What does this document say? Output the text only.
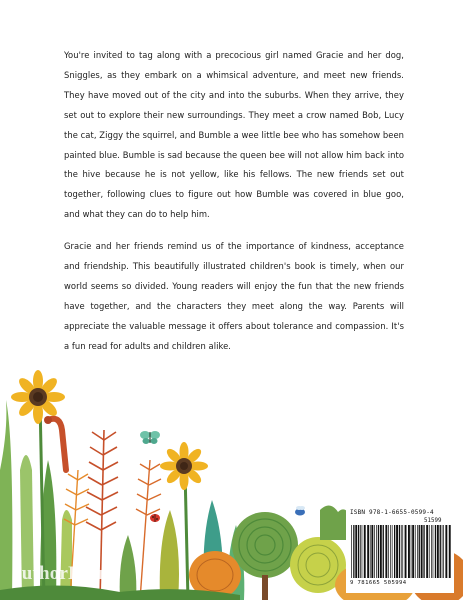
You're invited to tag along with a precocious girl named Gracie and her dog, Sniggles, as they embark on a whimsical adventure, and meet new friends. They have moved out of the city and into the suburbs. When they arrive, they set out to explore their new surroundings. They meet a crow named Bob, Lucy the cat, Ziggy the squirrel, and Bumble a wee little bee who has somehow been painted blue. Bumble is sad because the queen bee will not allow him back into the hive because he is not yellow, like his fellows. The new friends set out together, following clues to figure out how Bumble was covered in blue goo, and what they can do to help him.

Gracie and her friends remind us of the importance of kindness, acceptance and friendship. This beautifully illustrated children's book is timely, when our world seems so divided. Young readers will enjoy the fun that the new friends have together, and the characters they meet along the way. Parents will appreciate the valuable message it offers about tolerance and compassion. It's a fun read for adults and children alike.

authorHouse
ISBN 978-1-6655-0599-4
51599
9 781665 505994
